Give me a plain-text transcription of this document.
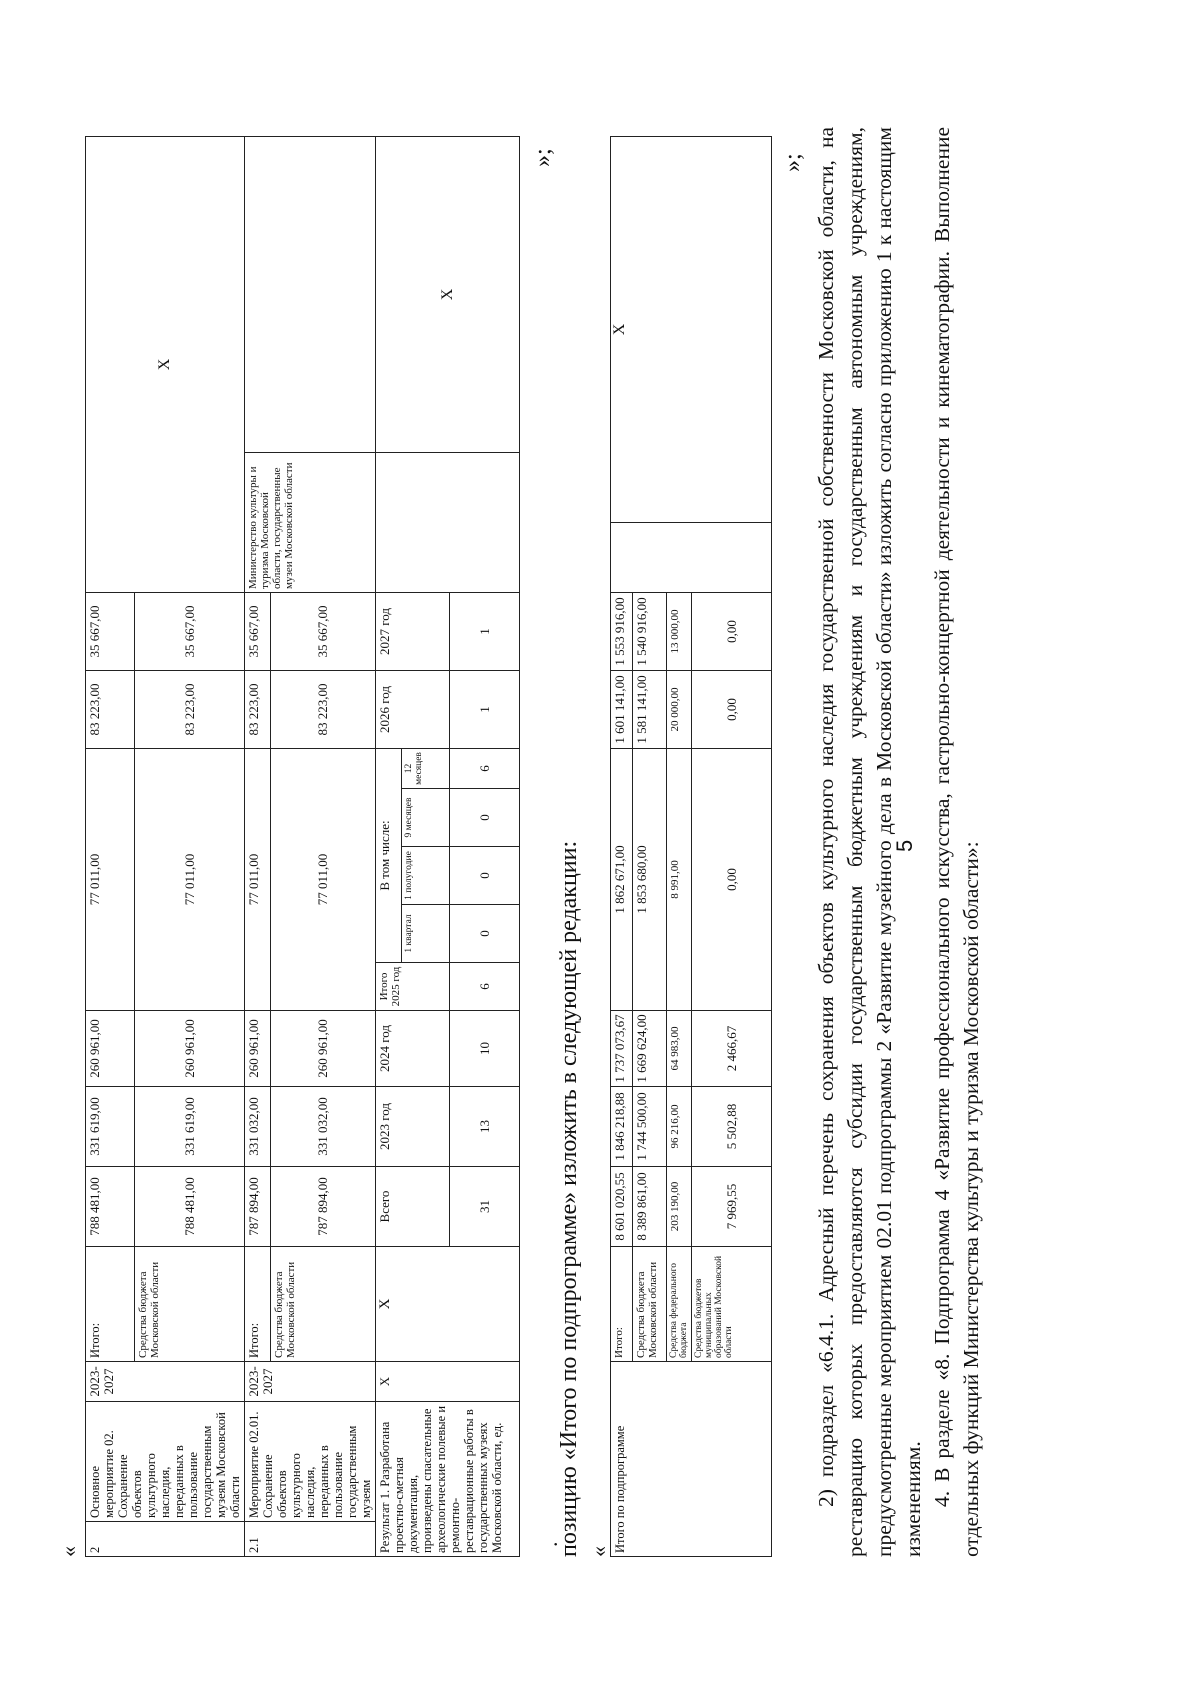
5
«
»;
2	Основное мероприятие 02. Сохранение объектов культурного наследия, переданных в пользование государственным музеям Московской области	2023-2027	Итого:	788 481,00	331 619,00	260 961,00	77 011,00					83 223,00	35 667,00	X	
			Средства бюджета Московской области	788 481,00	331 619,00	260 961,00	77 011,00					83 223,00	35 667,00		
2.1	Мероприятие 02.01. Сохранение объектов культурного наследия, переданных в пользование государственным музеям	2023-2027	Итого:	787 894,00	331 032,00	260 961,00	77 011,00					83 223,00	35 667,00	Министерство культуры и туризма Московской области, государственные музеи Московской области	
			Средства бюджета Московской области	787 894,00	331 032,00	260 961,00	77 011,00					83 223,00	35 667,00		
Результат 1. Разработана проектно-сметная документация, произведены спасательные археологические полевые и ремонтно-реставрационные работы в государственных музеях Московской области, ед.		X	X	Всего	2023 год	2024 год	Итого 2025 год	В том числе:				2026 год	2027 год		X
								1 квартал	1 полугодие	9 месяцев	12 месяцев				
				31	13	10	6	0	0	0	6	1	1		
.
позицию «Итого по подпрограмме» изложить в следующей редакции: « Итого по подпрограмме	Итого:	8 601 020,55	1 846 218,88	1 737 073,67	1 862 671,00	1 601 141,00	1 553 916,00		X
	Средства бюджета Московской области	8 389 861,00	1 744 500,00	1 669 624,00	1 853 680,00	1 581 141,00	1 540 916,00		
	Средства федерального бюджета	203 190,00	96 216,00	64 983,00	8 991,00	20 000,00	13 000,00		
	Средства бюджетов муниципальных образований Московской области	7 969,55	5 502,88	2 466,67	0,00	0,00	0,00		
»; 2) подраздел «6.4.1. Адресный перечень сохранения объектов культурного наследия государственной собственности Московской области, на реставрацию которых предоставляются субсидии государственным бюджетным учреждениям и государственным автономным учреждениям, предусмотренные мероприятием 02.01 подпрограммы 2 «Развитие музейного дела в Московской области» изложить согласно приложению 1 к настоящим изменениям. 4. В разделе «8. Подпрограмма 4 «Развитие профессионального искусства, гастрольно-концертной деятельности и кинематографии. Выполнение отдельных функций Министерства культуры и туризма Московской области»:
